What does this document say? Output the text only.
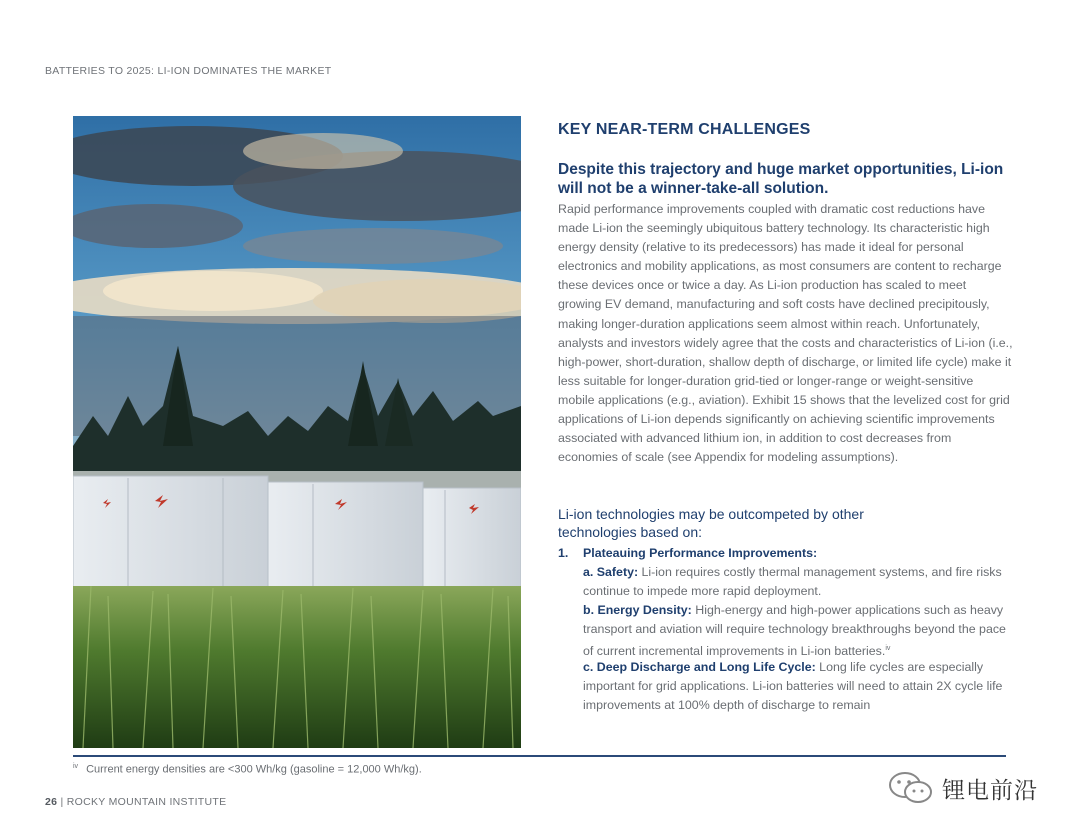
BATTERIES TO 2025: LI-ION DOMINATES THE MARKET
KEY NEAR-TERM CHALLENGES
Despite this trajectory and huge market opportunities, Li-ion will not be a winner-take-all solution.
Rapid performance improvements coupled with dramatic cost reductions have made Li-ion the seemingly ubiquitous battery technology. Its characteristic high energy density (relative to its predecessors) has made it ideal for personal electronics and mobility applications, as most consumers are content to recharge these devices once or twice a day. As Li-ion production has scaled to meet growing EV demand, manufacturing and soft costs have declined precipitously, making longer-duration applications seem almost within reach. Unfortunately, analysts and investors widely agree that the costs and characteristics of Li-ion (i.e., high-power, short-duration, shallow depth of discharge, or limited life cycle) make it less suitable for longer-duration grid-tied or longer-range or weight-sensitive mobile applications (e.g., aviation). Exhibit 15 shows that the levelized cost for grid applications of Li-ion depends significantly on achieving scientific improvements associated with advanced lithium ion, in addition to cost decreases from economies of scale (see Appendix for modeling assumptions).
Li-ion technologies may be outcompeted by other technologies based on:
1. Plateauing Performance Improvements:
a. Safety: Li-ion requires costly thermal management systems, and fire risks continue to impede more rapid deployment.
b. Energy Density: High-energy and high-power applications such as heavy transport and aviation will require technology breakthroughs beyond the pace of current incremental improvements in Li-ion batteries.$^{iv}$
c. Deep Discharge and Long Life Cycle: Long life cycles are especially important for grid applications. Li-ion batteries will need to attain 2X cycle life improvements at 100% depth of discharge to remain
$^{iv}$ Current energy densities are <300 Wh/kg (gasoline = 12,000 Wh/kg).
26 | ROCKY MOUNTAIN INSTITUTE	锂电前沿
